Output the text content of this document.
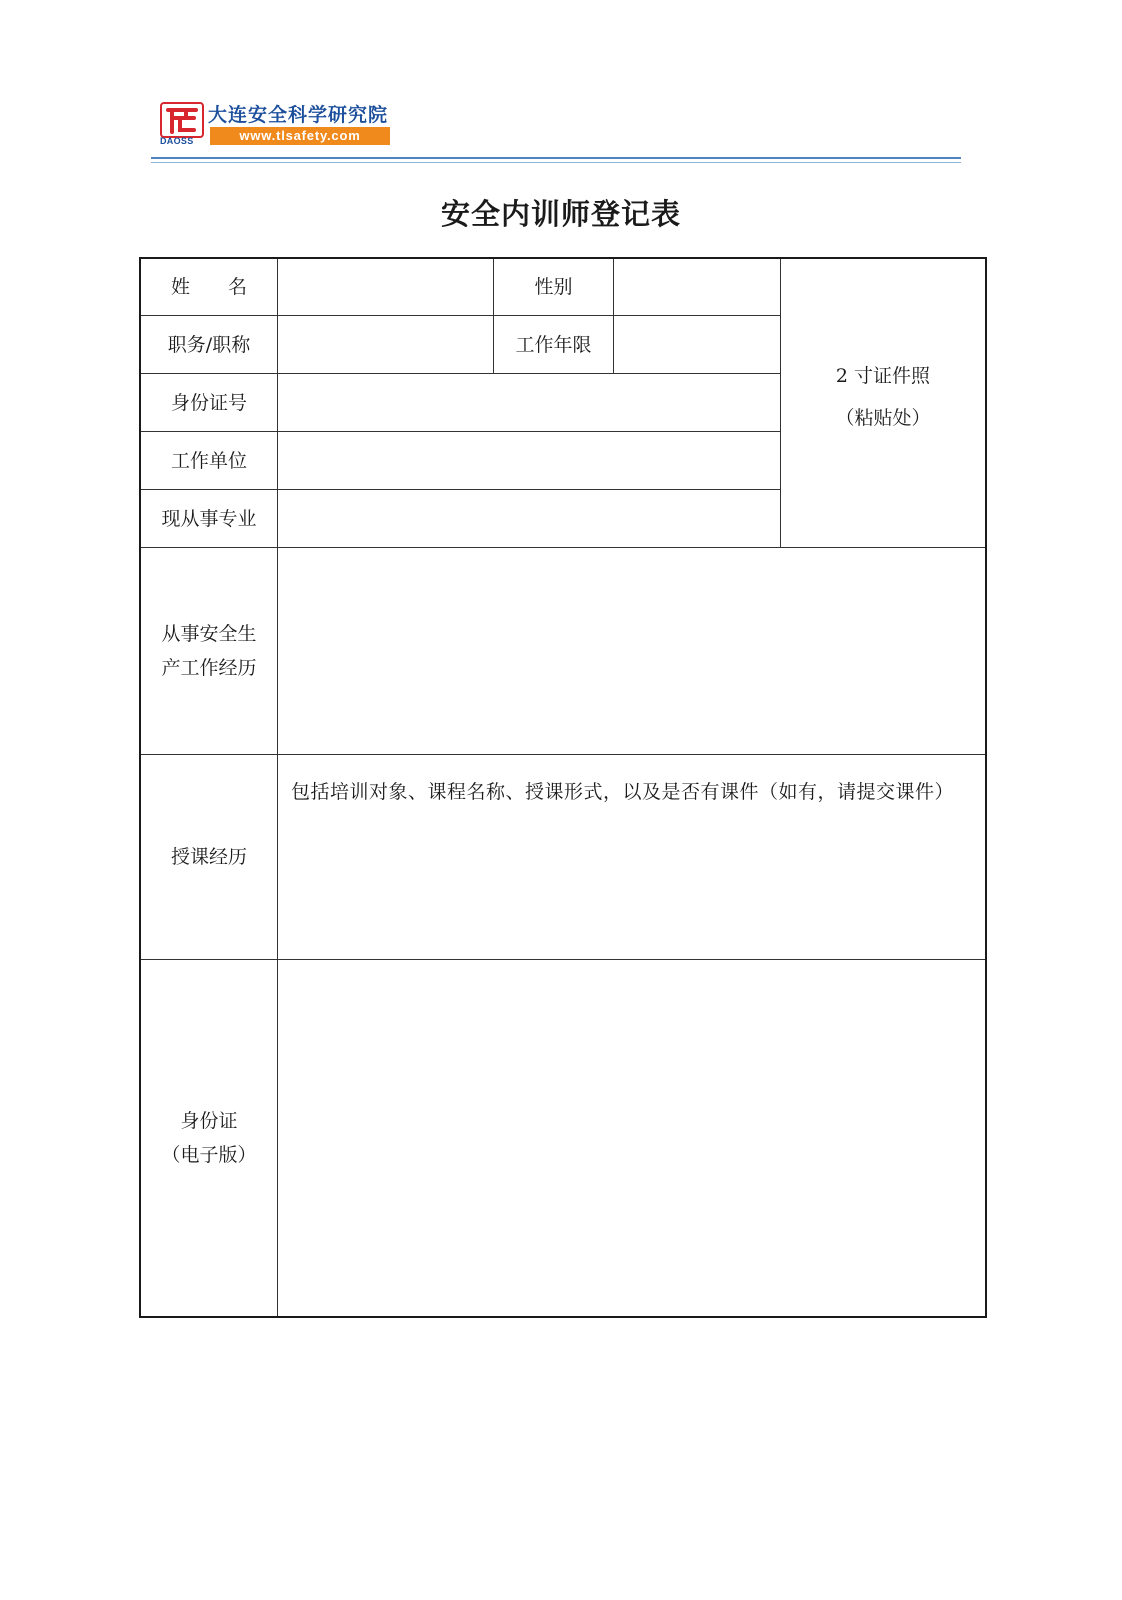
DAOSS
大连安全科学研究院
www.tlsafety.com
安全内训师登记表
姓　　名	性别
职务/职称	工作年限
身份证号
工作单位
现从事专业
2 寸证件照
（粘贴处）
从事安全生
产工作经历
授课经历
包括培训对象、课程名称、授课形式，以及是否有课件（如有，请提交课件）
身份证
（电子版）
